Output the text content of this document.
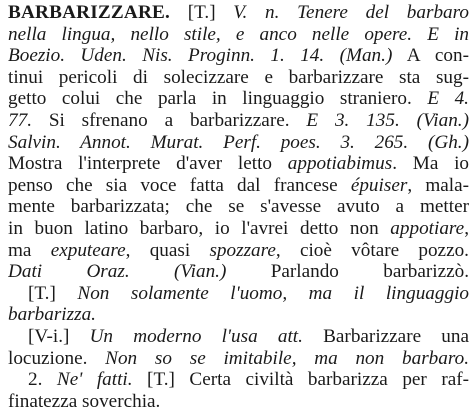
BARBARIZZARE. [T.] V. n. Tenere del barbaro
nella lingua, nello stile, e anco nelle opere. E in
Boezio. Uden. Nis. Proginn. 1. 14. (Man.) A con-
tinui pericoli di solecizzare e barbarizzare sta sug-
getto colui che parla in linguaggio straniero. E 4.
77. Si sfrenano a barbarizzare. E 3. 135. (Vian.)
Salvin. Annot. Murat. Perf. poes. 3. 265. (Gh.)
Mostra l'interprete d'aver letto appotiabimus. Ma io
penso che sia voce fatta dal francese épuiser, mala-
mente barbarizzata; che se s'avesse avuto a metter
in buon latino barbaro, io l'avrei detto non appotiare,
ma exputeare, quasi spozzare, cioè vôtare pozzo.
Dati Oraz. (Vian.) Parlando barbarizzò.
[T.] Non solamente l'uomo, ma il linguaggio
barbarizza.
[V-i.] Un moderno l'usa att. Barbarizzare una
locuzione. Non so se imitabile, ma non barbaro.
2. Ne' fatti. [T.] Certa civiltà barbarizza per raf-
finatezza soverchia.
